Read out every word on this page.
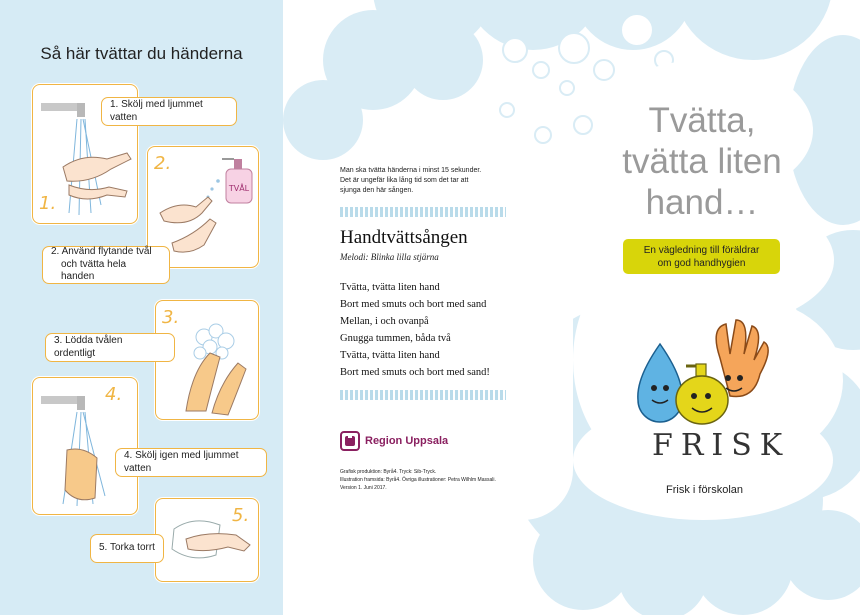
Så här tvättar du händerna
1.
1. Skölj med ljummet vatten
TVÅL
2.
2. Använd flytande tvål
och tvätta hela handen
3.
3. Lödda tvålen ordentligt
4.
4. Skölj igen med ljummet vatten
5.
5. Torka torrt
Man ska tvätta händerna i minst 15 sekunder.
Det är ungefär lika lång tid som det tar att
sjunga den här sången.
Handtvättsången
Melodi: Blinka lilla stjärna
Tvätta, tvätta liten hand
Bort med smuts och bort med sand
Mellan, i och ovanpå
Gnugga tummen, båda två
Tvätta, tvätta liten hand
Bort med smuts och bort med sand!
Region Uppsala
Grafisk produktion: Byrå4. Tryck: Sib-Tryck.
Illustration framsida: Byrå4. Övriga illustrationer: Petra Wilhlm Massali.
Version 1. Juni 2017.
Tvätta,
tvätta liten
hand…
En vägledning till föräldrar
om god handhygien
FRISK
Frisk i förskolan
